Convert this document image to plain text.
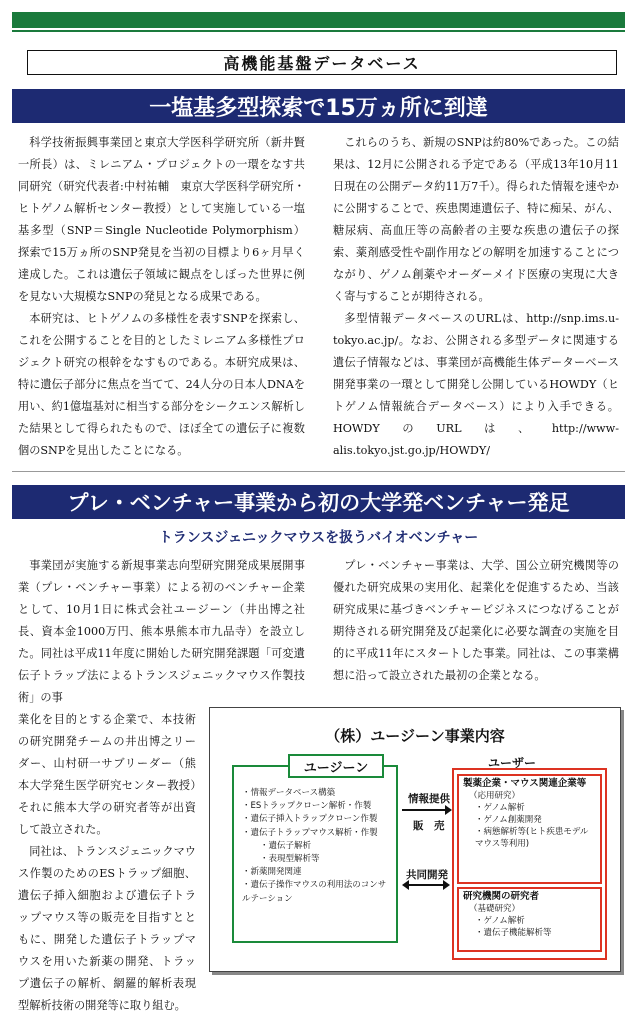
高機能基盤データベース
一塩基多型探索で15万ヵ所に到達

科学技術振興事業団と東京大学医科学研究所（新井賢一所長）は、ミレニアム・プロジェクトの一環をなす共同研究（研究代表者:中村祐輔　東京大学医科学研究所・ヒトゲノム解析センター教授）として実施している一塩基多型（SNP＝Single Nucleotide Polymorphism）探索で15万ヵ所のSNP発見を当初の目標より6ヶ月早く達成した。これは遺伝子領域に観点をしぼった世界に例を見ない大規模なSNPの発見となる成果である。

本研究は、ヒトゲノムの多様性を表すSNPを探索し、これを公開することを目的としたミレニアム多様性プロジェクト研究の根幹をなすものである。本研究成果は、特に遺伝子部分に焦点を当てて、24人分の日本人DNAを用い、約1億塩基対に相当する部分をシークエンス解析した結果として得られたもので、ほぼ全ての遺伝子に複数個のSNPを見出したことになる。

これらのうち、新規のSNPは約80%であった。この結果は、12月に公開される予定である（平成13年10月11日現在の公開データ約11万7千）。得られた情報を速やかに公開することで、疾患関連遺伝子、特に痴呆、がん、糖尿病、高血圧等の高齢者の主要な疾患の遺伝子の探索、薬剤感受性や副作用などの解明を加速することにつながり、ゲノム創薬やオーダーメイド医療の実現に大きく寄与することが期待される。

多型情報データベースのURLは、http://snp.ims.u-tokyo.ac.jp/。なお、公開される多型データに関連する遺伝子情報などは、事業団が高機能生体データーベース開発事業の一環として開発し公開しているHOWDY（ヒトゲノム情報統合データベース）により入手できる。HOWDYのURLは、http://www-alis.tokyo.jst.go.jp/HOWDY/

プレ・ベンチャー事業から初の大学発ベンチャー発足
トランスジェニックマウスを扱うバイオベンチャー

事業団が実施する新規事業志向型研究開発成果展開事業（プレ・ベンチャー事業）による初のベンチャー企業として、10月1日に株式会社ユージーン（井出博之社長、資本金1000万円、熊本県熊本市九品寺）を設立した。同社は平成11年度に開始した研究開発課題「可変遺伝子トラップ法によるトランスジェニックマウス作製技術」の事

プレ・ベンチャー事業は、大学、国公立研究機関等の優れた研究成果の実用化、起業化を促進するため、当該研究成果に基づきベンチャービジネスにつなげることが期待される研究開発及び起業化に必要な調査の実施を目的に平成11年にスタートした事業。同社は、この事業構想に沿って設立された最初の企業となる。

業化を目的とする企業で、本技術の研究開発チームの井出博之リーダー、山村研一サブリーダー（熊本大学発生医学研究センター教授）それに熊本大学の研究者等が出資して設立された。

同社は、トランスジェニックマウス作製のためのESトラップ細胞、遺伝子挿入細胞および遺伝子トラップマウス等の販売を目指すとともに、開発した遺伝子トラップマウスを用いた新薬の開発、トラップ遺伝子の解析、網羅的解析表現型解析技術の開発等に取り組む。

（株）ユージーン事業内容
ユージーン
・ 情報データベース構築
・ ESトラップクローン解析・作製
・ 遺伝子挿入トラップクローン作製
・ 遺伝子トラップマウス解析・作製
・遺伝子解析
・表現型解析等
・ 新薬開発関連
・ 遺伝子操作マウスの利用法のコンサルテーション
情報提供
販　売
共同開発
ユーザー
製薬企業・マウス関連企業等
（応用研究）
・ゲノム解析
・ゲノム創薬開発
・病態解析等(ヒト疾患モデルマウス等利用)
研究機関の研究者
（基礎研究）
・ゲノム解析
・遺伝子機能解析等
